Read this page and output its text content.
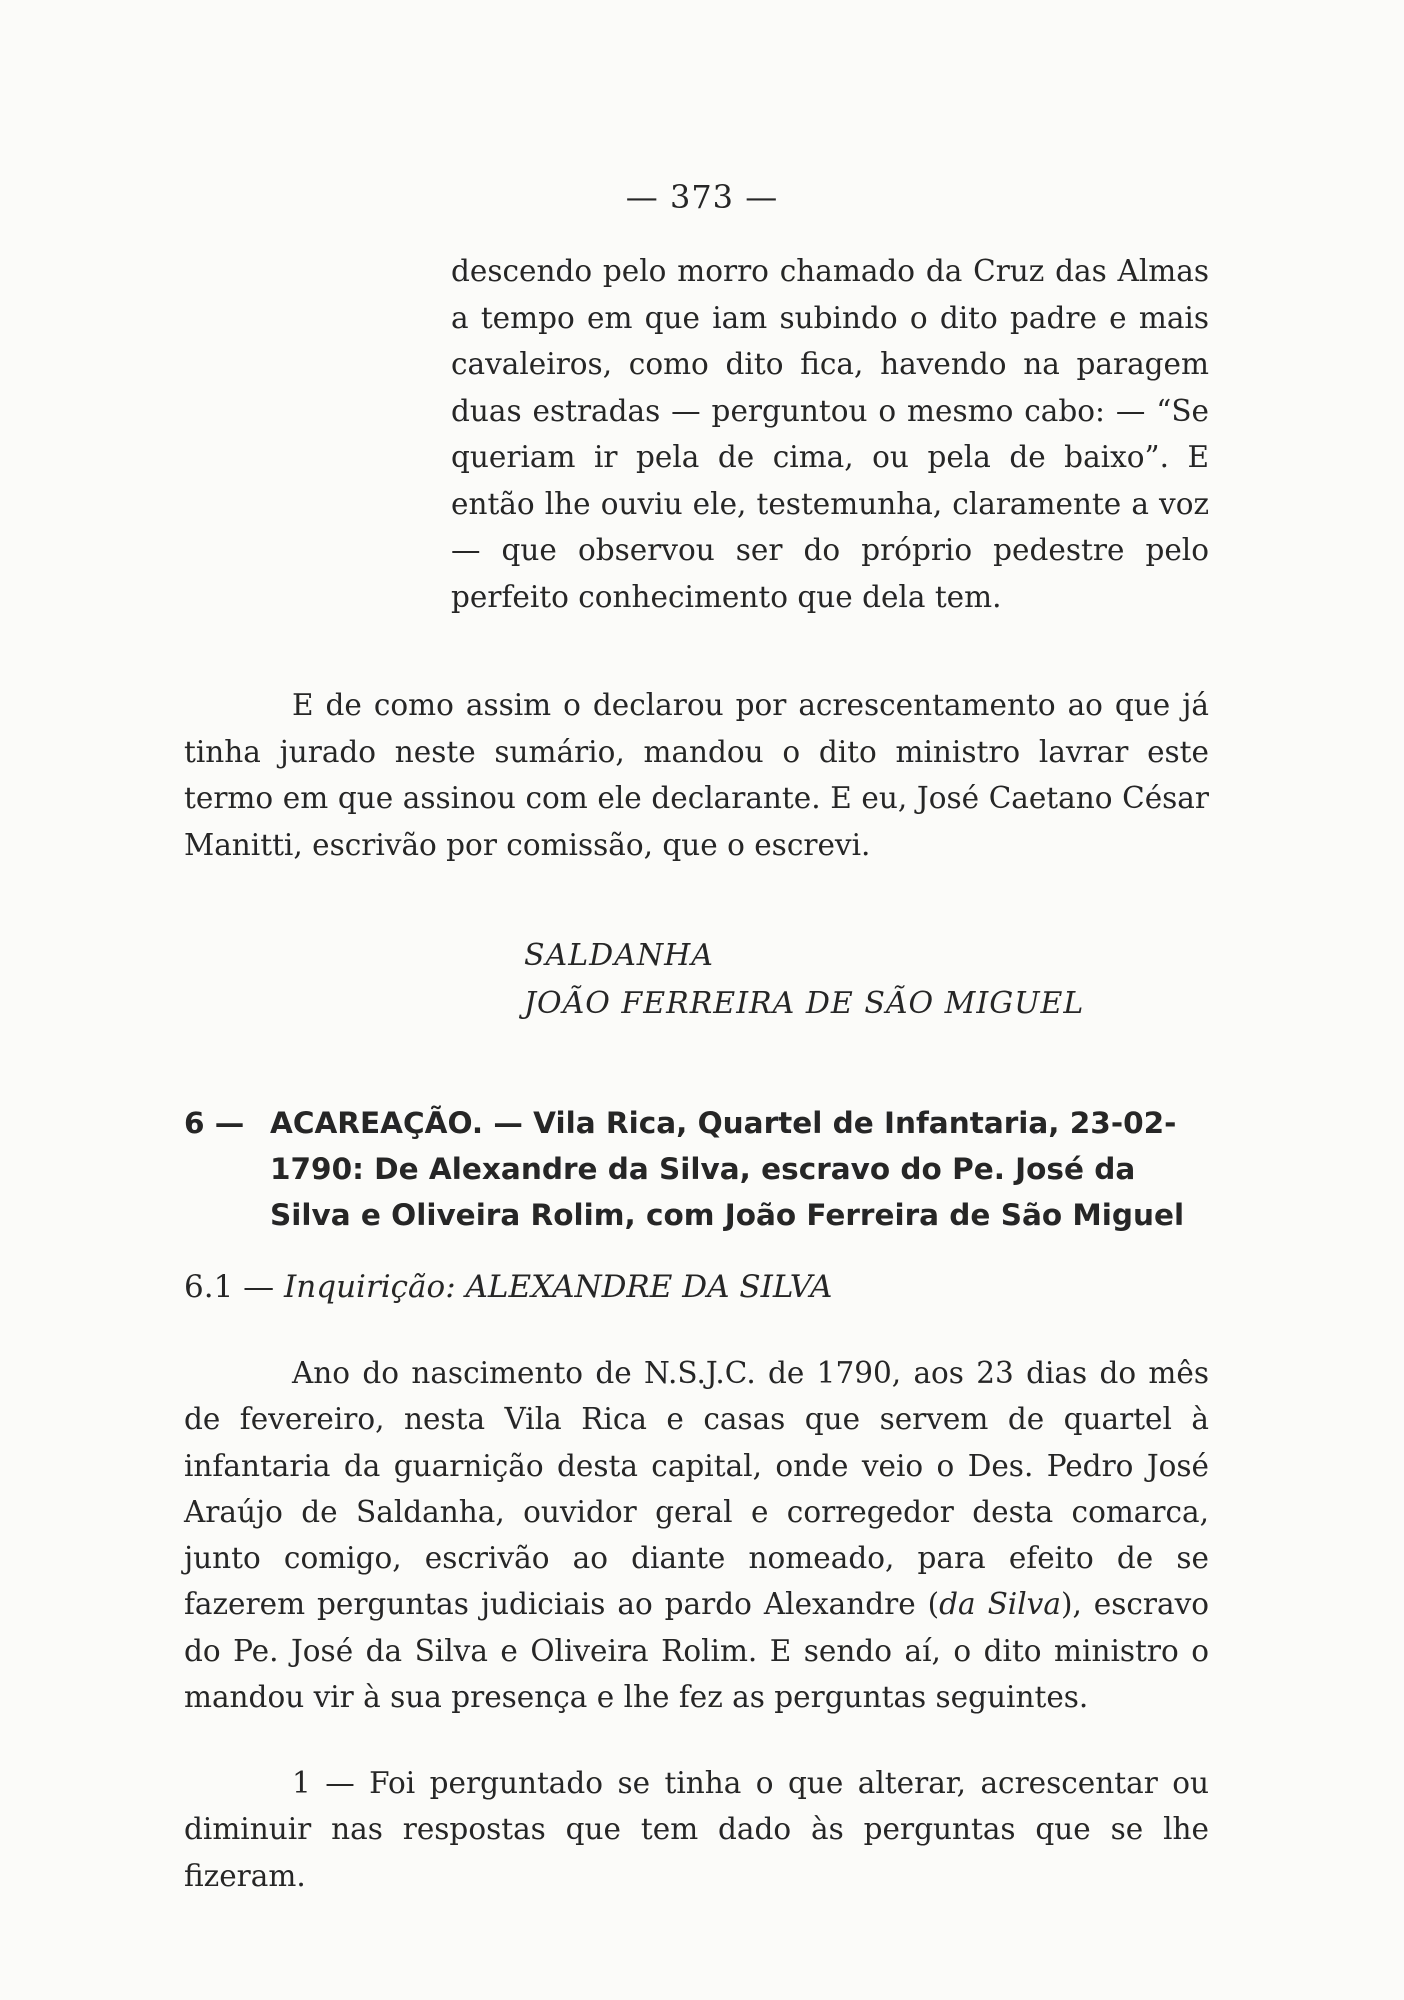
— 373 —
descendo pelo morro chamado da Cruz das Almas a tempo em que iam subindo o dito padre e mais cavaleiros, como dito fica, havendo na paragem duas estradas — perguntou o mesmo cabo: — “Se queriam ir pela de cima, ou pela de baixo”. E então lhe ouviu ele, testemunha, claramente a voz — que observou ser do próprio pedestre pelo perfeito conhecimento que dela tem.
E de como assim o declarou por acrescentamento ao que já tinha jurado neste sumário, mandou o dito ministro lavrar este termo em que assinou com ele declarante. E eu, José Caetano César Manitti, escrivão por comissão, que o escrevi.
SALDANHA
JOÃO FERREIRA DE SÃO MIGUEL
6 — ACAREAÇÃO. — Vila Rica, Quartel de Infantaria, 23-02-
1790: De Alexandre da Silva, escravo do Pe. José da Silva e Oliveira Rolim, com João Ferreira de São Miguel
6.1 — Inquirição: ALEXANDRE DA SILVA
Ano do nascimento de N.S.J.C. de 1790, aos 23 dias do mês de fevereiro, nesta Vila Rica e casas que servem de quartel à infantaria da guarnição desta capital, onde veio o Des. Pedro José Araújo de Saldanha, ouvidor geral e corregedor desta comarca, junto comigo, escrivão ao diante nomeado, para efeito de se fazerem perguntas judiciais ao pardo Alexandre (da Silva), escravo do Pe. José da Silva e Oliveira Rolim. E sendo aí, o dito ministro o mandou vir à sua presença e lhe fez as perguntas seguintes.
1 — Foi perguntado se tinha o que alterar, acrescentar ou diminuir nas respostas que tem dado às perguntas que se lhe fizeram.
